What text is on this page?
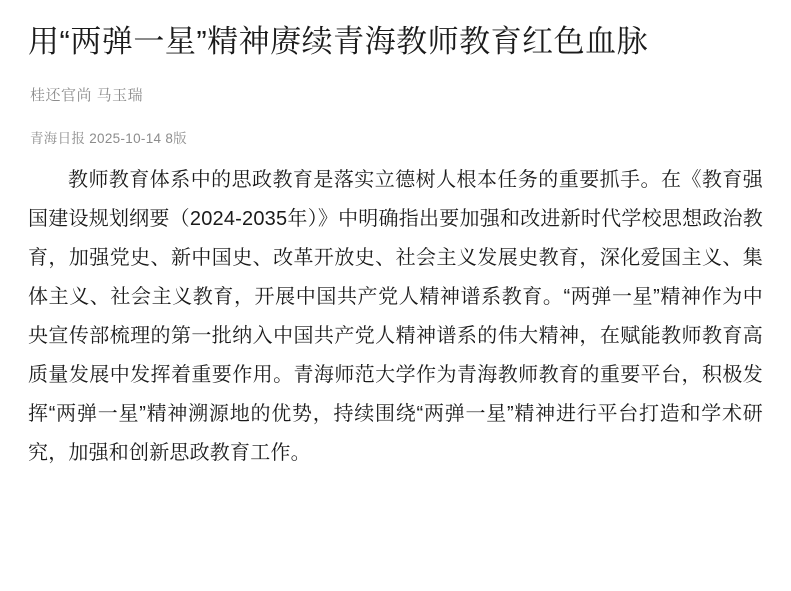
用“两弹一星”精神赓续青海教师教育红色血脉
桂还官尚 马玉瑞
青海日报 2025-10-14 8版

教师教育体系中的思政教育是落实立德树人根本任务的重要抓手。在《教育强国建设规划纲要（2024-2035年）》中明确指出要加强和改进新时代学校思想政治教育，加强党史、新中国史、改革开放史、社会主义发展史教育，深化爱国主义、集体主义、社会主义教育，开展中国共产党人精神谱系教育。“两弹一星”精神作为中央宣传部梳理的第一批纳入中国共产党人精神谱系的伟大精神，在赋能教师教育高质量发展中发挥着重要作用。青海师范大学作为青海教师教育的重要平台，积极发挥“两弹一星”精神溯源地的优势，持续围绕“两弹一星”精神进行平台打造和学术研究，加强和创新思政教育工作。
